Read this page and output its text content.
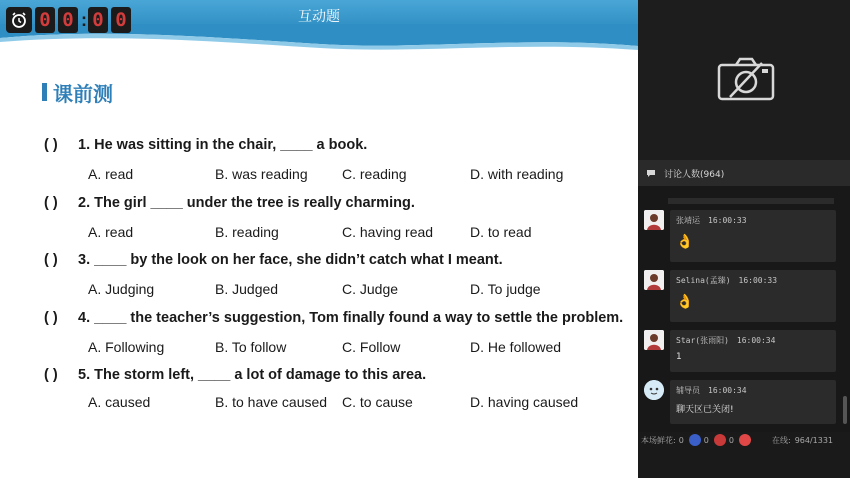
互动题
0 0 : 0 0
课前测
( ) 1. He was sitting in the chair, ____ a book.
A. read	B. was reading C. reading	D. with reading
( ) 2. The girl ____ under the tree is really charming.
A. read	B. reading	C. having read	D. to read
( ) 3. ____ by the look on her face, she didn’t catch what I meant.
A. Judging	B. Judged	C. Judge	D. To judge
( ) 4. ____ the teacher’s suggestion, Tom finally found a way to settle the problem.
A. Following	B. To follow	C. Follow	D. He followed
( ) 5. The storm left, ____ a lot of damage to this area.
A. caused	B. to have caused C. to cause	D. having caused
讨论人数(964)
张靖运 16:00:33
👌
Selina(孟臻) 16:00:33
👌
Star(张雨阳) 16:00:34
1
辅导员 16:00:34
聊天区已关闭!
本场鲜花: 0	0	0	在线: 964/1331
